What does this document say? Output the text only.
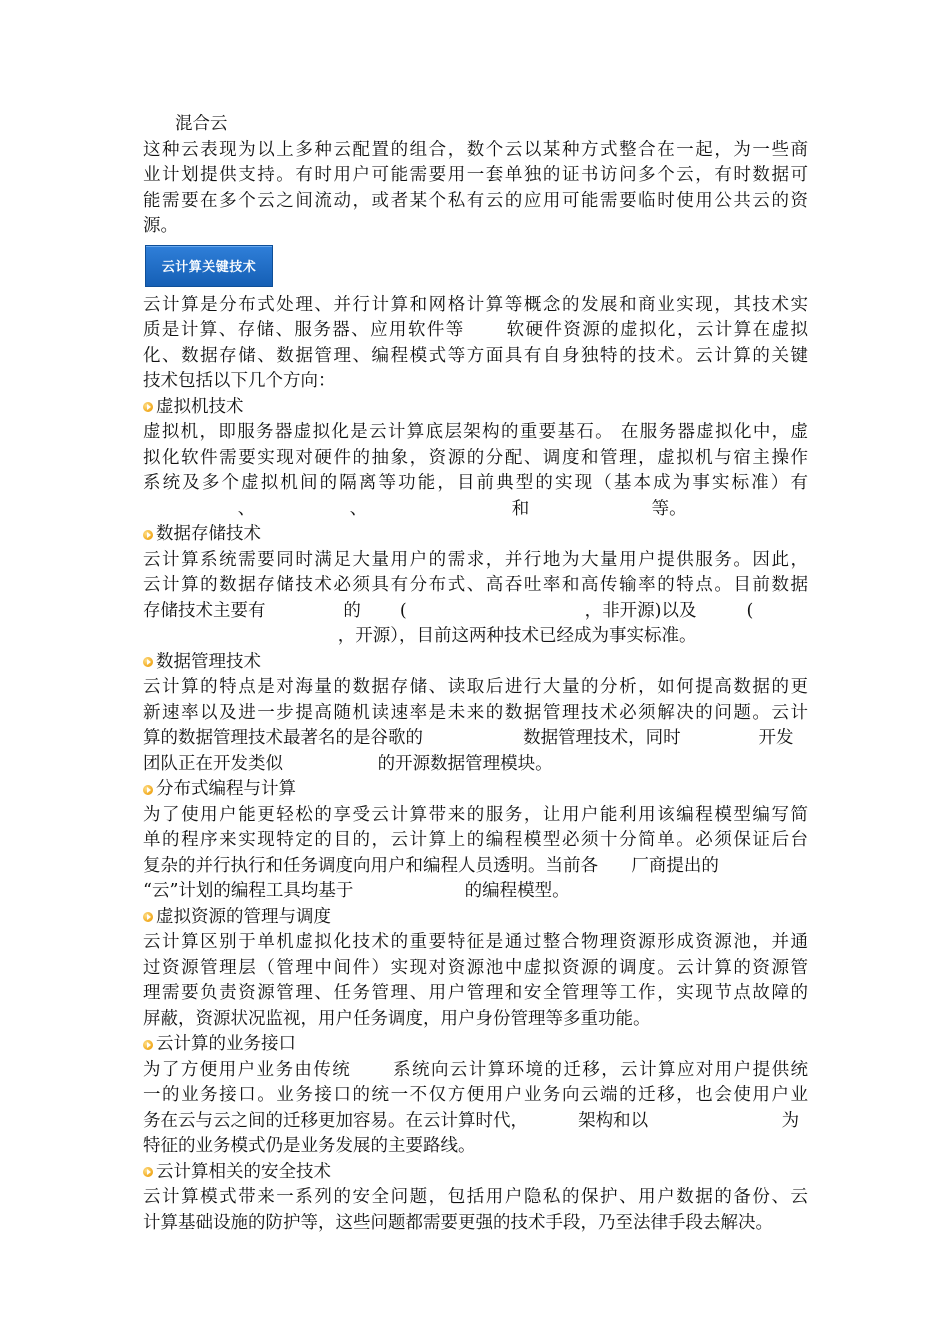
混合云
这种云表现为以上多种云配置的组合，数个云以某种方式整合在一起，为一些商
业计划提供支持。有时用户可能需要用一套单独的证书访问多个云，有时数据可
能需要在多个云之间流动，或者某个私有云的应用可能需要临时使用公共云的资
源。
云计算关键技术
云计算是分布式处理、并行计算和网格计算等概念的发展和商业实现，其技术实
质是计算、存储、服务器、应用软件等      软硬件资源的虚拟化，云计算在虚拟
化、数据存储、数据管理、编程模式等方面具有自身独特的技术。云计算的关键
技术包括以下几个方向：
虚拟机技术
虚拟机，即服务器虚拟化是云计算底层架构的重要基石。 在服务器虚拟化中，虚
拟化软件需要实现对硬件的抽象，资源的分配、调度和管理，虚拟机与宿主操作
系统及多个虚拟机间的隔离等功能，目前典型的实现（基本成为事实标准）有
、                 、                          和                      等。
数据存储技术
云计算系统需要同时满足大量用户的需求，并行地为大量用户提供服务。因此，
云计算的数据存储技术必须具有分布式、高吞吐率和高传输率的特点。目前数据
存储技术主要有              的       (                                ，非开源)以及         (
，开源），目前这两种技术已经成为事实标准。
数据管理技术
云计算的特点是对海量的数据存储、读取后进行大量的分析，如何提高数据的更
新速率以及进一步提高随机读速率是未来的数据管理技术必须解决的问题。云计
算的数据管理技术最著名的是谷歌的                  数据管理技术，同时              开发
团队正在开发类似                 的开源数据管理模块。
分布式编程与计算
为了使用户能更轻松的享受云计算带来的服务，让用户能利用该编程模型编写简
单的程序来实现特定的目的，云计算上的编程模型必须十分简单。必须保证后台
复杂的并行执行和任务调度向用户和编程人员透明。当前各      厂商提出的
“云”计划的编程工具均基于                    的编程模型。
虚拟资源的管理与调度
云计算区别于单机虚拟化技术的重要特征是通过整合物理资源形成资源池，并通
过资源管理层（管理中间件）实现对资源池中虚拟资源的调度。云计算的资源管
理需要负责资源管理、任务管理、用户管理和安全管理等工作，实现节点故障的
屏蔽，资源状况监视，用户任务调度，用户身份管理等多重功能。
云计算的业务接口
为了方便用户业务由传统      系统向云计算环境的迁移，云计算应对用户提供统
一的业务接口。业务接口的统一不仅方便用户业务向云端的迁移，也会使用户业
务在云与云之间的迁移更加容易。在云计算时代，         架构和以                        为
特征的业务模式仍是业务发展的主要路线。
云计算相关的安全技术
云计算模式带来一系列的安全问题，包括用户隐私的保护、用户数据的备份、云
计算基础设施的防护等，这些问题都需要更强的技术手段，乃至法律手段去解决。
